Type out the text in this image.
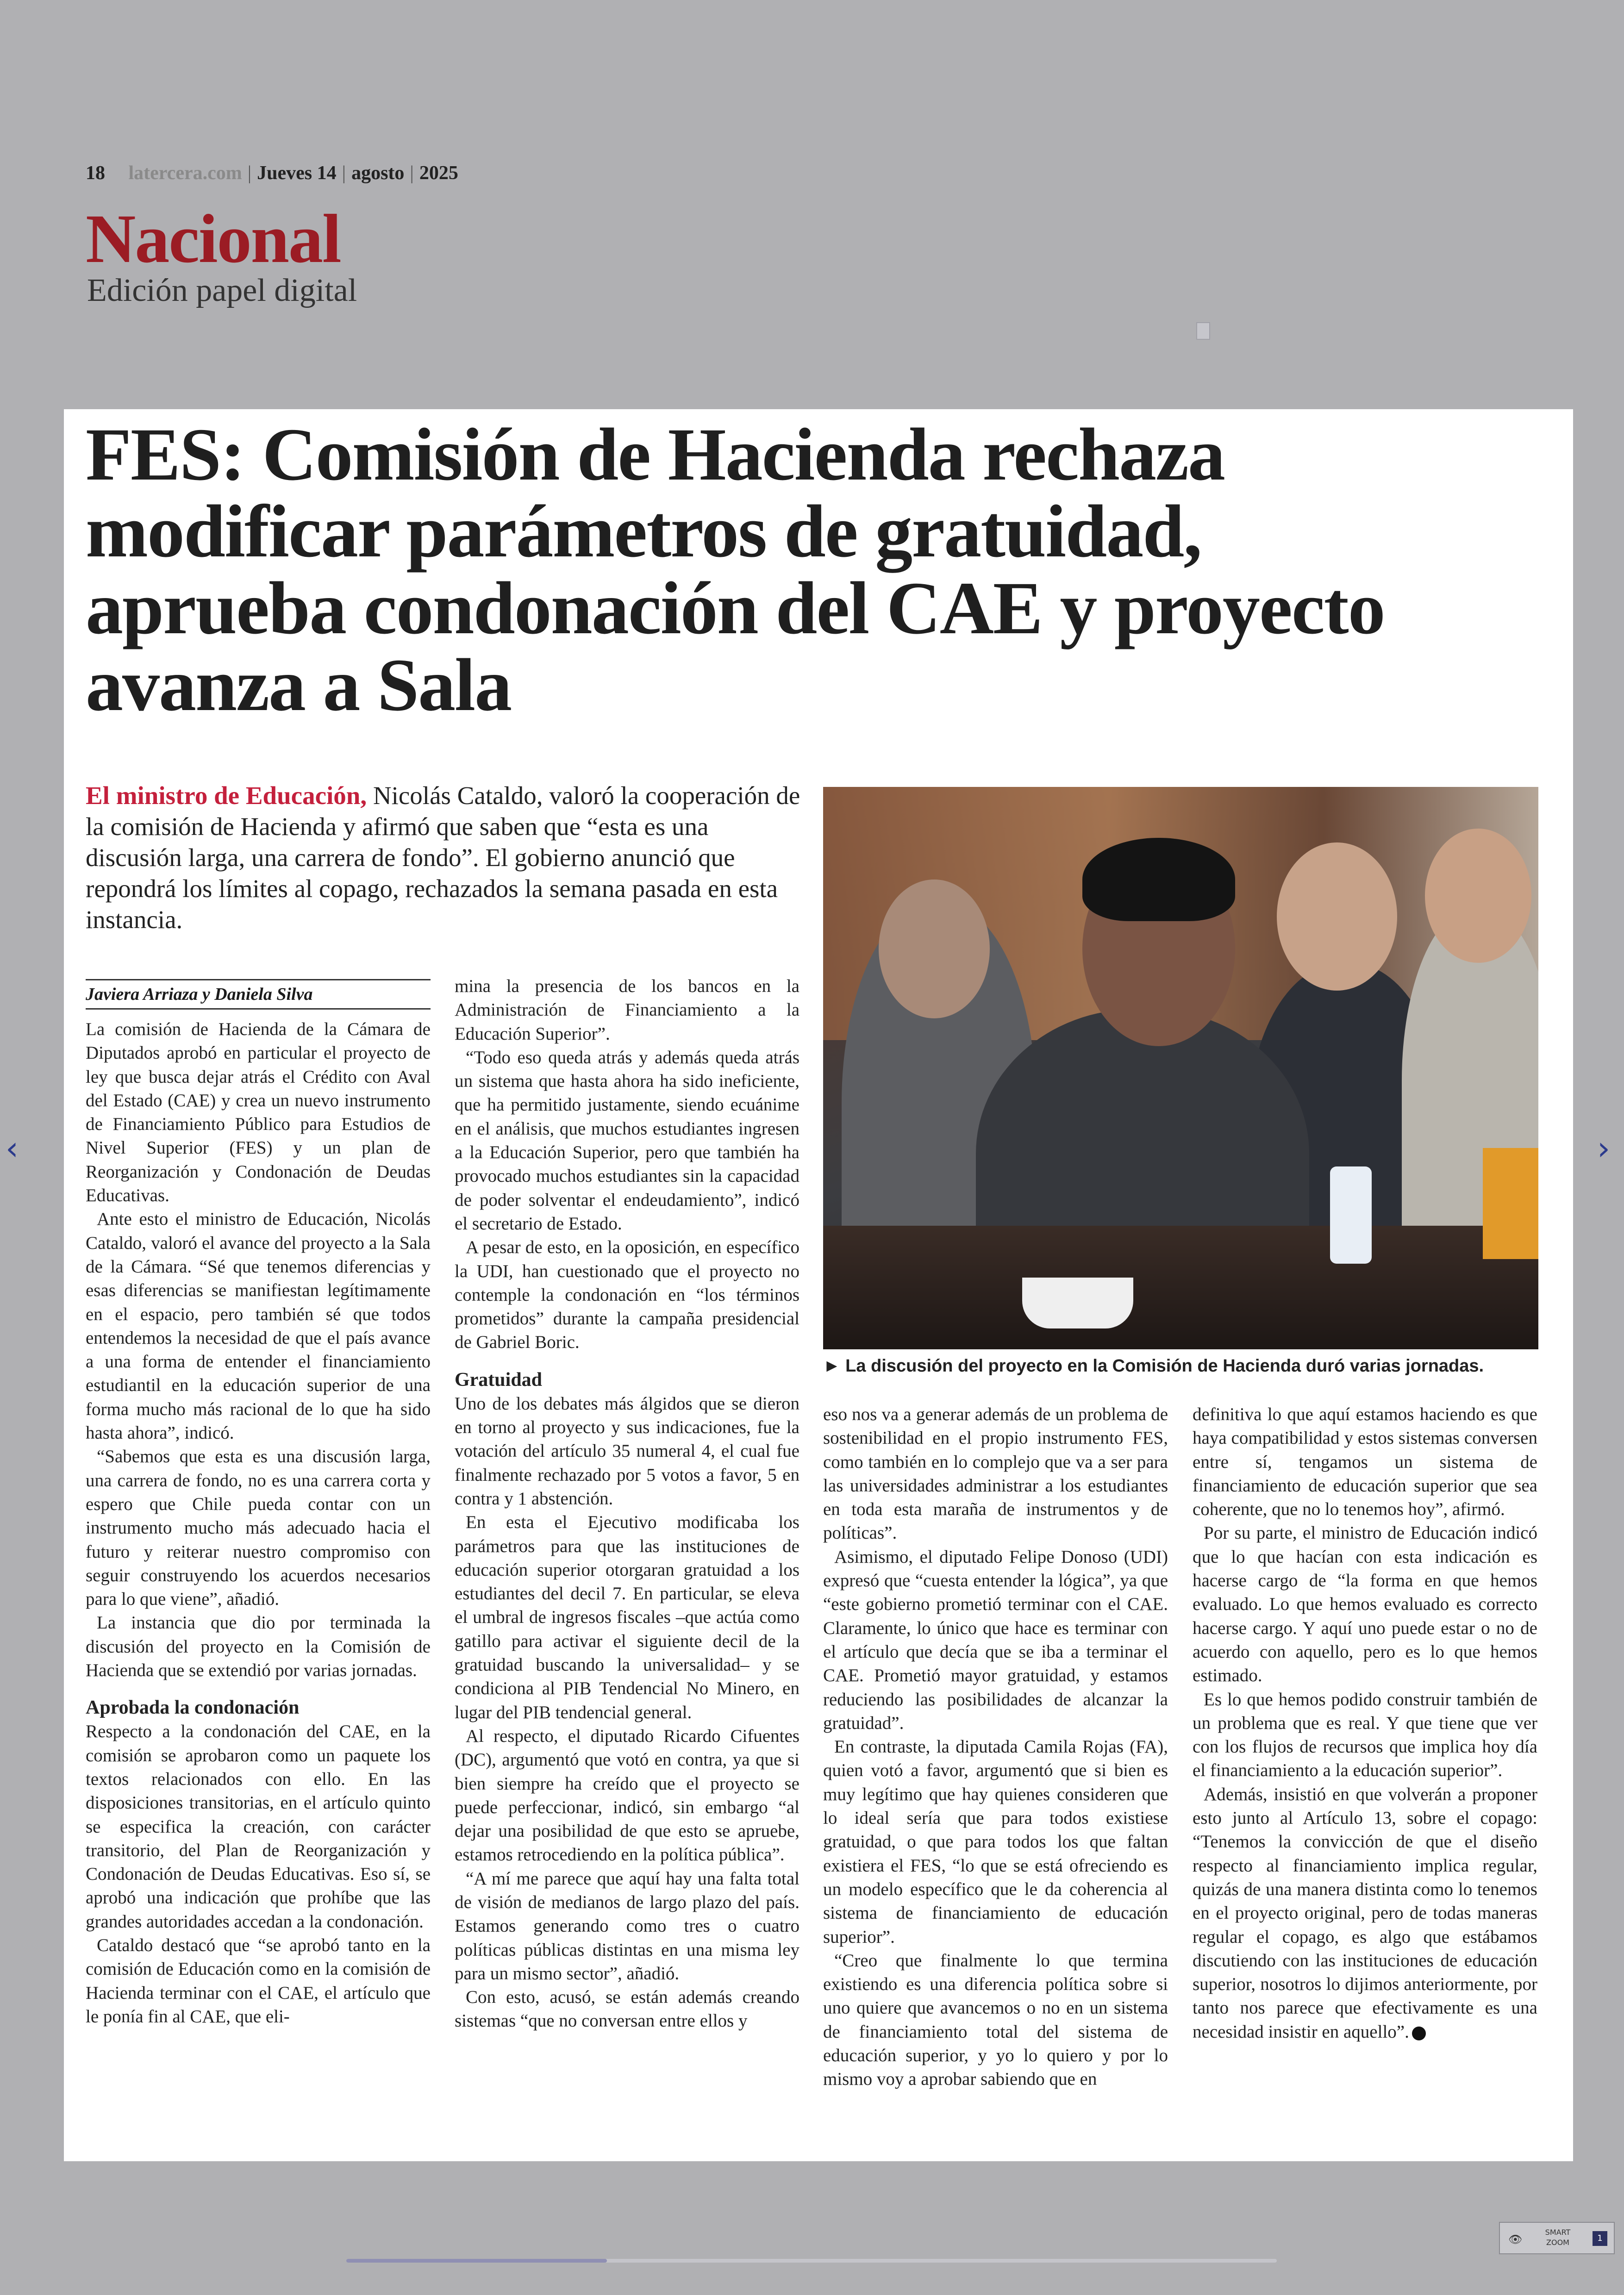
18 latercera.com | Jueves 14 | agosto | 2025
Nacional
Edición papel digital
FES: Comisión de Hacienda rechaza modificar parámetros de gratuidad, aprueba condonación del CAE y proyecto avanza a Sala
El ministro de Educación, Nicolás Cataldo, valoró la cooperación de la comisión de Hacienda y afirmó que saben que “esta es una discusión larga, una carrera de fondo”. El gobierno anunció que repondrá los límites al copago, rechazados la semana pasada en esta instancia.
► La discusión del proyecto en la Comisión de Hacienda duró varias jornadas.
Javiera Arriaza y Daniela Silva

La comisión de Hacienda de la Cámara de Diputados aprobó en particular el proyecto de ley que busca dejar atrás el Crédito con Aval del Estado (CAE) y crea un nuevo instrumento de Financiamiento Público para Estudios de Nivel Superior (FES) y un plan de Reorganización y Condonación de Deudas Educativas.

Ante esto el ministro de Educación, Nicolás Cataldo, valoró el avance del proyecto a la Sala de la Cámara. “Sé que tenemos diferencias y esas diferencias se manifiestan legítimamente en el espacio, pero también sé que todos entendemos la necesidad de que el país avance a una forma de entender el financiamiento estudiantil en la educación superior de una forma mucho más racional de lo que ha sido hasta ahora”, indicó.

“Sabemos que esta es una discusión larga, una carrera de fondo, no es una carrera corta y espero que Chile pueda contar con un instrumento mucho más adecuado hacia el futuro y reiterar nuestro compromiso con seguir construyendo los acuerdos necesarios para lo que viene”, añadió.

La instancia que dio por terminada la discusión del proyecto en la Comisión de Hacienda que se extendió por varias jornadas.

Aprobada la condonación

Respecto a la condonación del CAE, en la comisión se aprobaron como un paquete los textos relacionados con ello. En las disposiciones transitorias, en el artículo quinto se especifica la creación, con carácter transitorio, del Plan de Reorganización y Condonación de Deudas Educativas. Eso sí, se aprobó una indicación que prohíbe que las grandes autoridades accedan a la condonación.

Cataldo destacó que “se aprobó tanto en la comisión de Educación como en la comisión de Hacienda terminar con el CAE, el artículo que le ponía fin al CAE, que eli-

mina la presencia de los bancos en la Administración de Financiamiento a la Educación Superior”.

“Todo eso queda atrás y además queda atrás un sistema que hasta ahora ha sido ineficiente, que ha permitido justamente, siendo ecuánime en el análisis, que muchos estudiantes ingresen a la Educación Superior, pero que también ha provocado muchos estudiantes sin la capacidad de poder solventar el endeudamiento”, indicó el secretario de Estado.

A pesar de esto, en la oposición, en específico la UDI, han cuestionado que el proyecto no contemple la condonación en “los términos prometidos” durante la campaña presidencial de Gabriel Boric.

Gratuidad

Uno de los debates más álgidos que se dieron en torno al proyecto y sus indicaciones, fue la votación del artículo 35 numeral 4, el cual fue finalmente rechazado por 5 votos a favor, 5 en contra y 1 abstención.

En esta el Ejecutivo modificaba los parámetros para que las instituciones de educación superior otorgaran gratuidad a los estudiantes del decil 7. En particular, se eleva el umbral de ingresos fiscales –que actúa como gatillo para activar el siguiente decil de la gratuidad buscando la universalidad– y se condiciona al PIB Tendencial No Minero, en lugar del PIB tendencial general.

Al respecto, el diputado Ricardo Cifuentes (DC), argumentó que votó en contra, ya que si bien siempre ha creído que el proyecto se puede perfeccionar, indicó, sin embargo “al dejar una posibilidad de que esto se apruebe, estamos retrocediendo en la política pública”.

“A mí me parece que aquí hay una falta total de visión de medianos de largo plazo del país. Estamos generando como tres o cuatro políticas públicas distintas en una misma ley para un mismo sector”, añadió.

Con esto, acusó, se están además creando sistemas “que no conversan entre ellos y

eso nos va a generar además de un problema de sostenibilidad en el propio instrumento FES, como también en lo complejo que va a ser para las universidades administrar a los estudiantes en toda esta maraña de instrumentos y de políticas”.

Asimismo, el diputado Felipe Donoso (UDI) expresó que “cuesta entender la lógica”, ya que “este gobierno prometió terminar con el CAE. Claramente, lo único que hace es terminar con el artículo que decía que se iba a terminar el CAE. Prometió mayor gratuidad, y estamos reduciendo las posibilidades de alcanzar la gratuidad”.

En contraste, la diputada Camila Rojas (FA), quien votó a favor, argumentó que si bien es muy legítimo que hay quienes consideren que lo ideal sería que para todos existiese gratuidad, o que para todos los que faltan existiera el FES, “lo que se está ofreciendo es un modelo específico que le da coherencia al sistema de financiamiento de educación superior”.

“Creo que finalmente lo que termina existiendo es una diferencia política sobre si uno quiere que avancemos o no en un sistema de financiamiento total del sistema de educación superior, y yo lo quiero y por lo mismo voy a aprobar sabiendo que en

definitiva lo que aquí estamos haciendo es que haya compatibilidad y estos sistemas conversen entre sí, tengamos un sistema de financiamiento de educación superior que sea coherente, que no lo tenemos hoy”, afirmó.

Por su parte, el ministro de Educación indicó que lo que hacían con esta indicación es hacerse cargo de “la forma en que hemos evaluado. Lo que hemos evaluado es correcto hacerse cargo. Y aquí uno puede estar o no de acuerdo con aquello, pero es lo que hemos estimado.

Es lo que hemos podido construir también de un problema que es real. Y que tiene que ver con los flujos de recursos que implica hoy día el financiamiento a la educación superior”.

Además, insistió en que volverán a proponer esto junto al Artículo 13, sobre el copago: “Tenemos la convicción de que el diseño respecto al financiamiento implica regular, quizás de una manera distinta como lo tenemos en el proyecto original, pero de todas maneras regular el copago, es algo que estábamos discutiendo con las instituciones de educación superior, nosotros lo dijimos anteriormente, por tanto nos parece que efectivamente es una necesidad insistir en aquello”.

‹	›
👁
SMART
ZOOM	1
